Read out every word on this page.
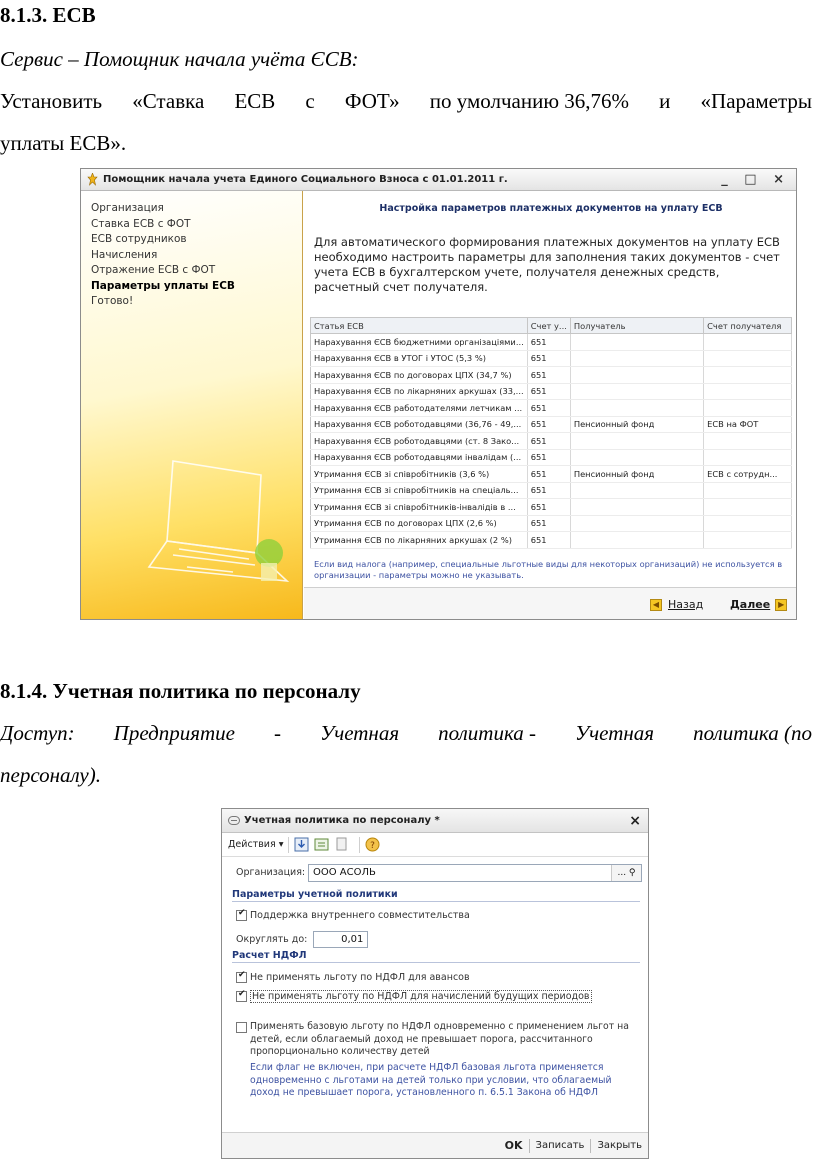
8.1.3. ЕСВ
Сервис – Помощник начала учёта ЄСВ:
Установить «Ставка ЕСВ с ФОТ» по умолчанию 36,76% и «Параметры
уплаты ЕСВ».
Помощник начала учета Единого Социального Взноса с 01.01.2011 г.	_ □ ×
Организация
Ставка ЕСВ с ФОТ
ЕСВ сотрудников
Начисления
Отражение ЕСВ с ФОТ
Параметры уплаты ЕСВ
Готово!
Настройка параметров платежных документов на уплату ЕСВ
Для автоматического формирования платежных документов на уплату ЕСВ необходимо настроить параметры для заполнения таких документов - счет учета ЕСВ в бухгалтерском учете, получателя денежных средств, расчетный счет получателя.
Статья ЕСВ	Счет у...	Получатель	Счет получателя
Нарахування ЄСВ бюджетними організаціями...	651		
Нарахування ЄСВ в УТОГ і УТОС (5,3 %)	651		
Нарахування ЄСВ по договорах ЦПХ (34,7 %)	651		
Нарахування ЄСВ по лікарняних аркушах (33,...	651		
Нарахування ЄСВ работодателями летчикам ...	651		
Нарахування ЄСВ роботодавцями (36,76 - 49,...	651	Пенсионный фонд	ЕСВ на ФОТ
Нарахування ЄСВ роботодавцями (ст. 8 Зако...	651		
Нарахування ЄСВ роботодавцями інвалідам (...	651		
Утримання ЄСВ зі співробітників (3,6 %)	651	Пенсионный фонд	ЕСВ с сотрудн...
Утримання ЄСВ зі співробітників на спеціаль...	651		
Утримання ЄСВ зі співробітників-інвалідів в ...	651		
Утримання ЄСВ по договорах ЦПХ (2,6 %)	651		
Утримання ЄСВ по лікарняних аркушах (2 %)	651		
Если вид налога (например, специальные льготные виды для некоторых организаций) не используется в организации - параметры можно не указывать.
◀ Назад Далее ▶
8.1.4. Учетная политика по персоналу
Доступ: Предприятие - Учетная политика - Учетная политика (по
персоналу).
Учетная политика по персоналу *	×
Действия ▾	?
Организация: ООО АСОЛЬ	... ⚲
Параметры учетной политики
✔
Поддержка внутреннего совместительства
Округлять до:	0,01
Расчет НДФЛ
✔
Не применять льготу по НДФЛ для авансов
✔
Не применять льготу по НДФЛ для начислений будущих периодов
Применять базовую льготу по НДФЛ одновременно с применением льгот на детей, если облагаемый доход не превышает порога, рассчитанного пропорционально количеству детей
Если флаг не включен, при расчете НДФЛ базовая льгота применяется одновременно с льготами на детей только при условии, что облагаемый доход не превышает порога, установленного п. 6.5.1 Закона об НДФЛ
OK Записать Закрыть
